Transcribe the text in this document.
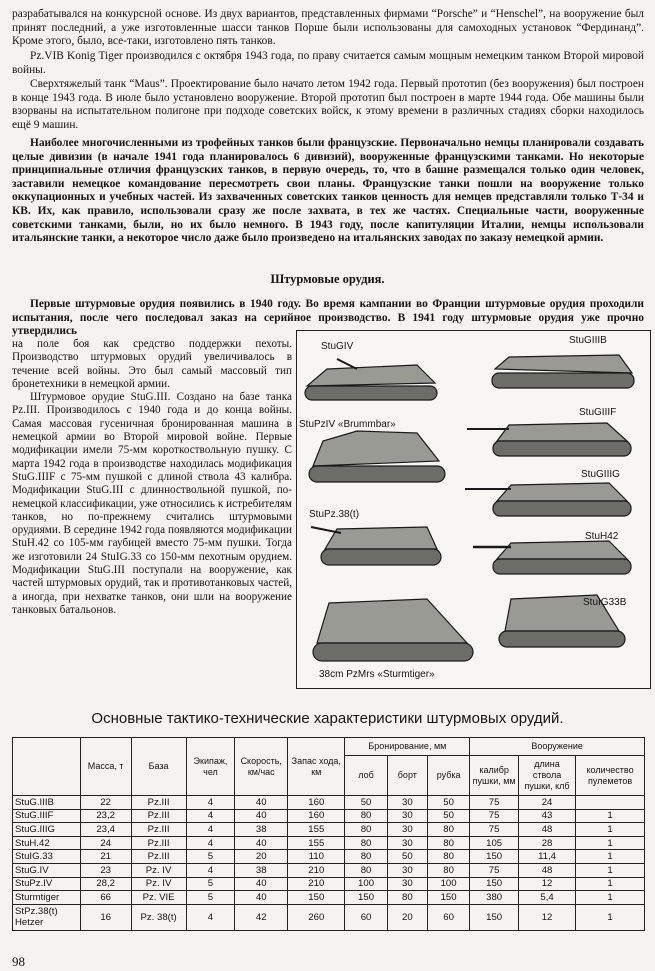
разрабатывался на конкурсной основе. Из двух вариантов, представленных фирмами “Porsche” и “Henschel”, на вооружение был принят последний, а уже изготовленные шасси танков Порше были использованы для самоходных установок “Фердинанд”. Кроме этого, было, все-таки, изготовлено пять танков.

Pz.VIB Konig Tiger производился с октября 1943 года, по праву считается самым мощным немецким танком Второй мировой войны.

Сверхтяжелый танк “Maus”. Проектирование было начато летом 1942 года. Первый прототип (без вооружения) был построен в конце 1943 года. В июле было установлено вооружение. Второй прототип был построен в марте 1944 года. Обе машины были взорваны на испытательном полигоне при подходе советских войск, к этому времени в различных стадиях сборки находилось ещё 9 машин.

Наиболее многочисленными из трофейных танков были французские. Первоначально немцы планировали создавать целые дивизии (в начале 1941 года планировалось 6 дивизий), вооруженные французскими танками. Но некоторые принципиальные отличия французских танков, в первую очередь, то, что в башне размещался только один человек, заставили немецкое командование пересмотреть свои планы. Французские танки пошли на вооружение только оккупационных и учебных частей. Из захваченных советских танков ценность для немцев представляли только Т-34 и КВ. Их, как правило, использовали сразу же после захвата, в тех же частях. Специальные части, вооруженные советскими танками, были, но их было немного. В 1943 году, после капитуляции Италии, немцы использовали итальянские танки, а некоторое число даже было произведено на итальянских заводах по заказу немецкой армии.

Штурмовые орудия.

Первые штурмовые орудия появились в 1940 году. Во время кампании во Франции штурмовые орудия проходили испытания, после чего последовал заказ на серийное производство. В 1941 году штурмовые орудия уже прочно утвердились

на поле боя как средство поддержки пехоты. Производство штурмовых орудий увеличивалось в течение всей войны. Это был самый массовый тип бронетехники в немецкой армии.

Штурмовое орудие StuG.III. Создано на базе танка Pz.III. Производилось с 1940 года и до конца войны. Самая массовая гусеничная бронированная машина в немецкой армии во Второй мировой войне. Первые модификации имели 75-мм короткоствольную пушку. С марта 1942 года в производстве находилась модификация StuG.IIIF с 75-мм пушкой с длиной ствола 43 калибра. Модификации StuG.III с длинноствольной пушкой, по-немецкой классификации, уже относились к истребителям танков, но по-прежнему считались штурмовыми орудиями. В середине 1942 года появляются модификации StuH.42 со 105-мм гаубицей вместо 75-мм пушки. Тогда же изготовили 24 StuIG.33 со 150-мм пехотным орудием. Модификации StuG.III поступали на вооружение, как частей штурмовых орудий, так и противотанковых частей, а иногда, при нехватке танков, они шли на вооружение танковых батальонов.

StuGIV
StuGIIIB
StuPzIV «Brummbar»
StuGIIIF
StuGIIIG
StuPz.38(t)
StuH42
StuIG33B
38cm PzMrs «Sturmtiger»
Основные тактико-технические характеристики штурмовых орудий.
	Масса, т	База	Экипаж, чел	Скорость, км/час	Запас хода, км	Бронирование, мм			Вооружение		
						лоб	борт	рубка	калибр пушки, мм	длина ствола пушки, клб	количество пулеметов
StuG.IIIB	22	Pz.III	4	40	160	50	30	50	75	24	
StuG.IIIF	23,2	Pz.III	4	40	160	80	30	50	75	43	1
StuG.IIIG	23,4	Pz.III	4	38	155	80	30	80	75	48	1
StuH.42	24	Pz.III	4	40	155	80	30	80	105	28	1
StuIG.33	21	Pz.III	5	20	110	80	50	80	150	11,4	1
StuG.IV	23	Pz. IV	4	38	210	80	30	80	75	48	1
StuPz.IV	28,2	Pz. IV	5	40	210	100	30	100	150	12	1
Sturmtiger	66	Pz. VIE	5	40	150	150	80	150	380	5,4	1
StPz.38(t) Hetzer	16	Pz. 38(t)	4	42	260	60	20	60	150	12	1
98
